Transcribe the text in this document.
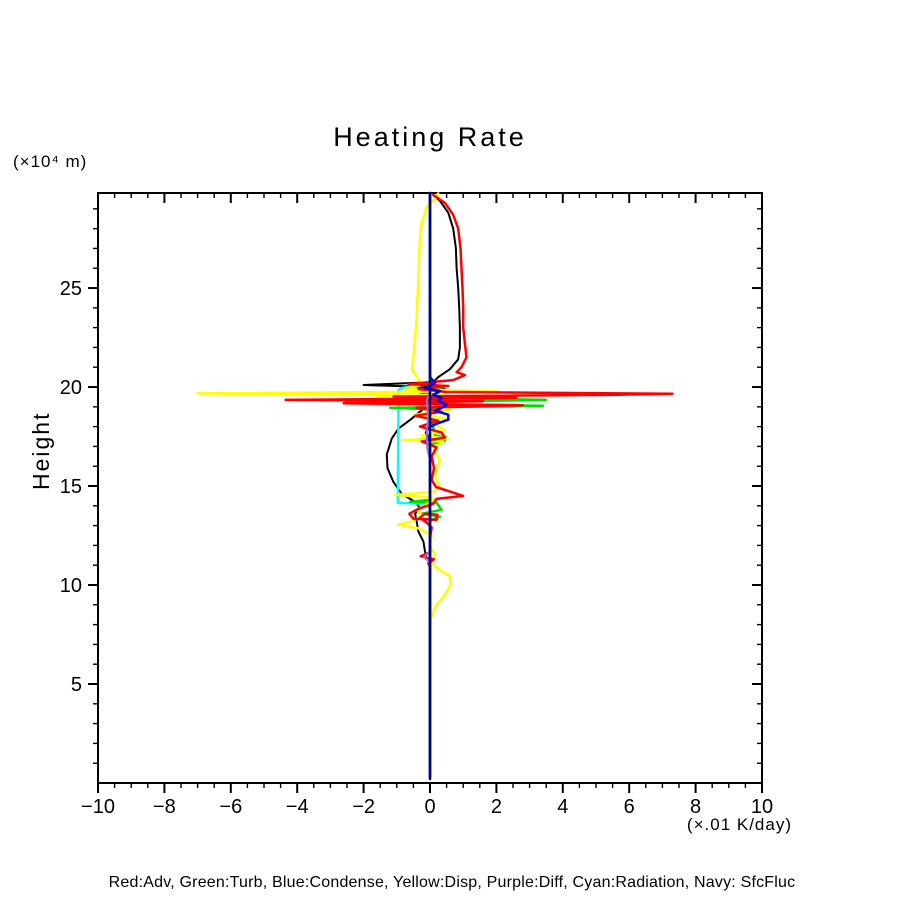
Heating Rate
(×10⁴ m)
Height
−10 −8 −6 −4 −2 0	2	4	6	8 10
5
10
15
20
25
(×.01 K/day)
Red:Adv, Green:Turb, Blue:Condense, Yellow:Disp, Purple:Diff, Cyan:Radiation, Navy: SfcFluc
